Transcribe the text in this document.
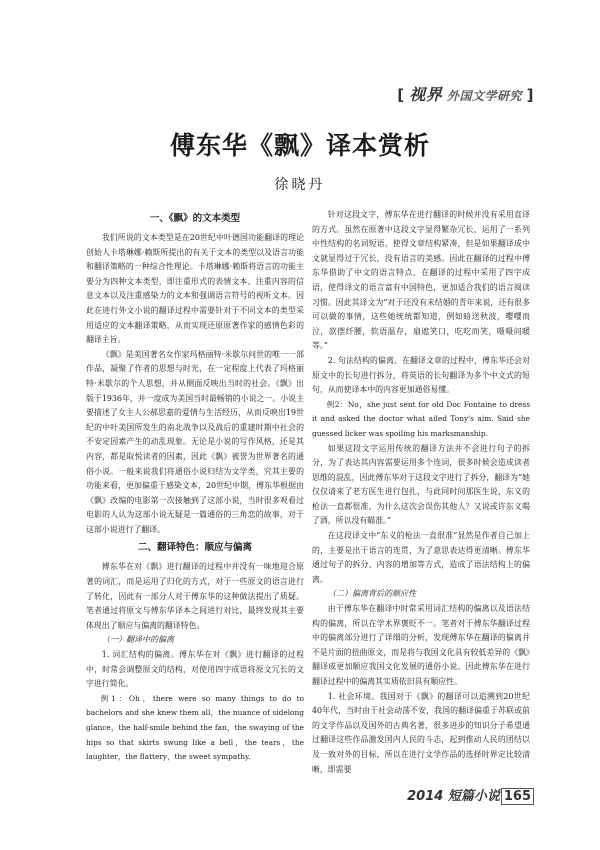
[ 视界 外国文学研究 ]
傅东华《飘》译本赏析
徐晓丹
一、《飘》的文本类型

我们所说的文本类型是在20世纪中叶德国功能翻译的理论创始人卡塔琳娜·赖斯所提出的有关于文本的类型以及语言功能和翻译策略的一种综合性理论。卡塔琳娜·赖斯将语言的功能主要分为四种文本类型，即注重形式的表情文本、注重内容的信息文本以及注重感染力的文本和强调语言符号的视听文本。因此在进行外文小说的翻译过程中需要针对于不同文本的类型采用适应的文本翻译策略，从而实现还原原著作家的感情色彩的翻译主旨。

《飘》是美国著名女作家玛格丽特·米歇尔问世的唯一一部作品，凝聚了作者的思想与时光，在一定程度上代表了玛格丽特·米歇尔的个人思想，并从侧面反映出当时的社会。《飘》出版于1936年，并一度成为美国当时最畅销的小说之一。小说主要描述了女主人公郝思嘉的爱情与生活经历，从而反映出19世纪的中叶美国所发生的南北战争以及战后的重建时期中社会的不安定因素产生的动乱现象。无论是小说的写作风格，还是其内容，都是取悦读者的因素，因此《飘》被誉为世界著名的通俗小说。一般来说我们将通俗小说归结为文学类，究其主要的功能来看，更加偏重于感染文本，20世纪中期，傅东华根据由《飘》改编的电影第一次接触到了这部小说，当时很多观看过电影的人认为这部小说无疑是一篇通俗的三角恋的故事，对于这部小说进行了翻译。

二、翻译特色：顺应与偏离

傅东华在对《飘》进行翻译的过程中并没有一味地迎合原著的词汇，而是运用了归化的方式，对于一些原文的语言进行了转化，因此有一部分人对于傅东华的这种做法提出了质疑。笔者通过将原文与傅东华译本之间进行对比，最终发现其主要体现出了顺应与偏离的翻译特色。

（一）翻译中的偏离

1. 词汇结构的偏离。傅东华在对《飘》进行翻译的过程中，时常会调整原文的结构，对使用四字成语将原文冗长的文字进行简化。

例1：Oh，there were so many things to do to bachelors and she knew them all，the nuance of sidelong glance，the half-smile behind the fan，the swaying of the hips so that skirts swung like a bell，the tears，the laughter，the flattery，the sweet sympathy.

针对这段文字，傅东华在进行翻译的时候并没有采用直译的方式。虽然在原著中这段文字显得繁杂冗长，运用了一系列中性结构的名词短语，使得文章结构紧凑，但是如果翻译成中文就显得过于冗长，没有语言的美感。因此在翻译的过程中傅东华借助了中文的语言特点，在翻译的过程中采用了四字成语，使得译文的语言富有中国特色，更加适合我们的语言阅读习惯。因此其译文为“对于还没有未结婚的青年来说，还有很多可以做的事情，这些她统统都知道，例如暗送秋波，嘤嘤而泣，款摆纤腰，软语温存，扇遮笑口，吃吃而笑，嗫嗫问暖等。”

2. 句法结构的偏离。在翻译文章的过程中，傅东华还会对原文中的长句进行拆分，将英语的长句翻译为多个中文式的短句，从而使译本中的内容更加通俗易懂。

例2：No，she just sent for old Doc Fontaine to dress it and asked the doctor what ailed Tony's aim. Said she guessed licker was spoiling his marksmanship.

如果这段文字运用传统的翻译方法并不会进行句子的拆分，为了表达其内容需要运用多个连词，很多时候会造成读者思维的混乱，因此傅东华对于这段文字进行了拆分，翻译为“她仅仅请来了老方医生进行包扎，与此同时问那医生说，东义的枪法一直都很准，为什么这次会误伤其他人？又说或许东义喝了酒，所以没有瞄准。”

在这段译文中“东义的枪法一直很准”显然是作者自己加上的，主要是出于语言的连贯，为了意思表达得更清晰。傅东华通过句子的拆分、内容的增加等方式，造成了语法结构上的偏离。

（二）偏离背后的顺应性

由于傅东华在翻译中时常采用词汇结构的偏离以及语法结构的偏离，所以在学术界褒贬不一。笔者对于傅东华翻译过程中的偏离部分进行了详细的分析，发现傅东华在翻译的偏离并不是片面的扭曲原文，而是将与我国文化具有较低差异的《飘》翻译成更加顺应我国文化发展的通俗小说。因此傅东华在进行翻译过程中的偏离其实质依旧具有顺应性。

1. 社会环境。我国对于《飘》的翻译可以追溯到20世纪40年代，当时由于社会动荡不安，我国的翻译偏重于苏联或前的文学作品以及国外的古典名著，很多进步的知识分子希望通过翻译这些作品激发国内人民的斗志，起到推动人民的团结以及一致对外的目标，所以在进行文学作品的选择时界定比较清晰，即需要

2014 短篇小说 165
